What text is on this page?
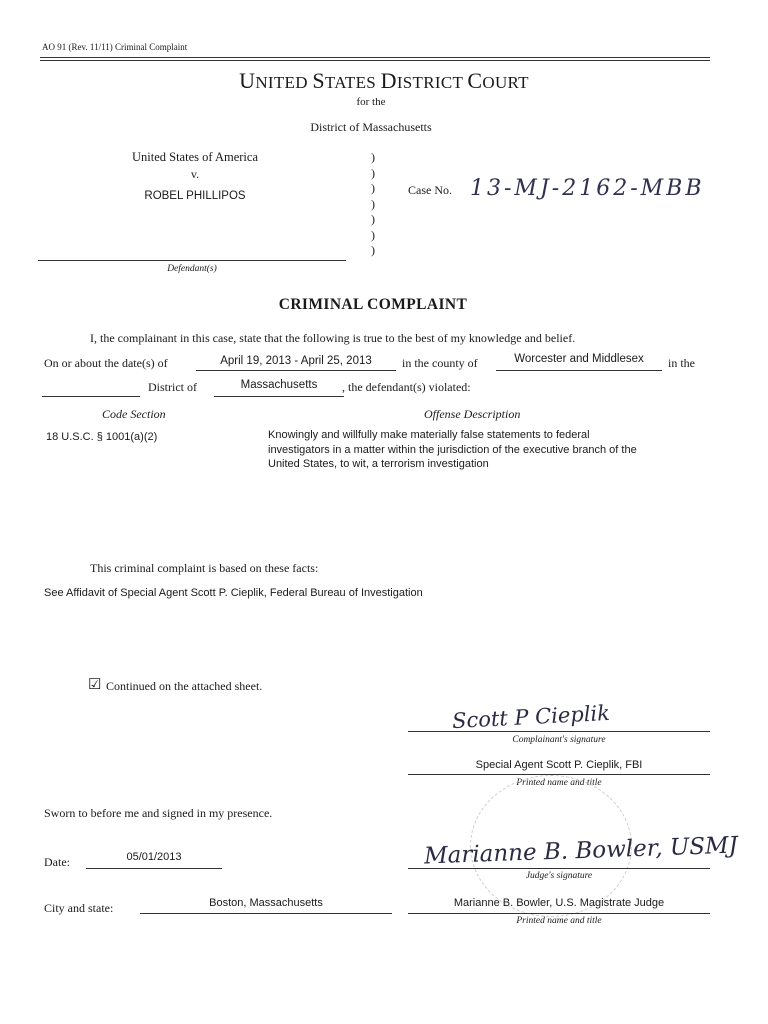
AO 91 (Rev. 11/11) Criminal Complaint
UNITED STATES DISTRICT COURT
for the
District of Massachusetts
United States of America
v.
ROBEL PHILLIPOS
Defendant(s)
)
)
)
)
)
)
)
Case No. 13-MJ-2162-MBB
CRIMINAL COMPLAINT
I, the complainant in this case, state that the following is true to the best of my knowledge and belief.
On or about the date(s) of	April 19, 2013 - April 25, 2013	in the county of	Worcester and Middlesex	in the
District of	Massachusetts	, the defendant(s) violated:
Code Section	Offense Description
18 U.S.C. § 1001(a)(2)	Knowingly and willfully make materially false statements to federal
investigators in a matter within the jurisdiction of the executive branch of the
United States, to wit, a terrorism investigation
This criminal complaint is based on these facts:
See Affidavit of Special Agent Scott P. Cieplik, Federal Bureau of Investigation
☑ Continued on the attached sheet.
Scott P Cieplik
Complainant's signature
Special Agent Scott P. Cieplik, FBI
Printed name and title
Sworn to before me and signed in my presence.
Date:	05/01/2013	Marianne B. Bowler, USMJ
Judge's signature
City and state:	Boston, Massachusetts	Marianne B. Bowler, U.S. Magistrate Judge
Printed name and title
